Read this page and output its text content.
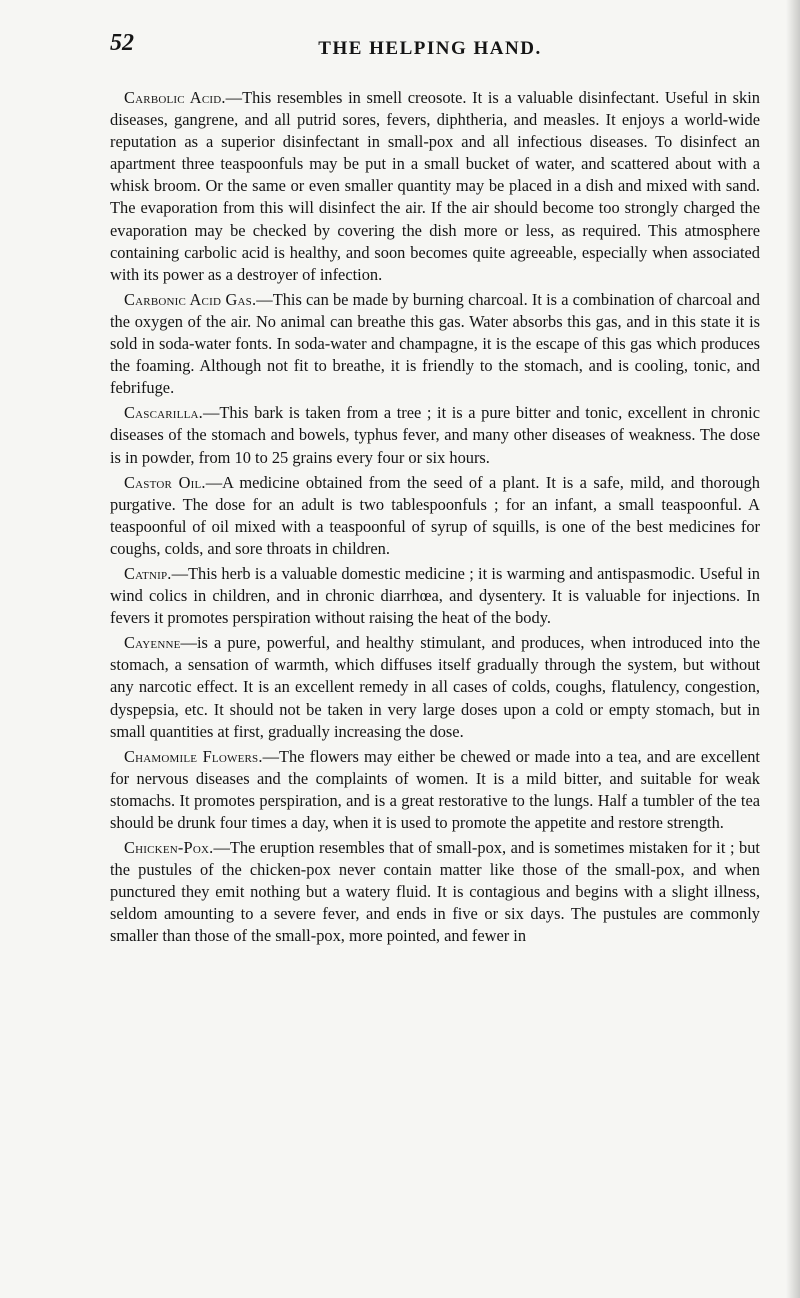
52	THE HELPING HAND.

Carbolic Acid.—This resembles in smell creosote. It is a valuable disinfectant. Useful in skin diseases, gangrene, and all putrid sores, fevers, diphtheria, and measles. It enjoys a world-wide reputation as a superior disinfectant in small-pox and all infectious diseases. To disinfect an apartment three teaspoonfuls may be put in a small bucket of water, and scattered about with a whisk broom. Or the same or even smaller quantity may be placed in a dish and mixed with sand. The evaporation from this will disinfect the air. If the air should become too strongly charged the evaporation may be checked by covering the dish more or less, as required. This atmosphere containing carbolic acid is healthy, and soon becomes quite agreeable, especially when associated with its power as a destroyer of infection.

Carbonic Acid Gas.—This can be made by burning charcoal. It is a combination of charcoal and the oxygen of the air. No animal can breathe this gas. Water absorbs this gas, and in this state it is sold in soda-water fonts. In soda-water and champagne, it is the escape of this gas which produces the foaming. Although not fit to breathe, it is friendly to the stomach, and is cooling, tonic, and febrifuge.

Cascarilla.—This bark is taken from a tree ; it is a pure bitter and tonic, excellent in chronic diseases of the stomach and bowels, typhus fever, and many other diseases of weakness. The dose is in powder, from 10 to 25 grains every four or six hours.

Castor Oil.—A medicine obtained from the seed of a plant. It is a safe, mild, and thorough purgative. The dose for an adult is two tablespoonfuls ; for an infant, a small teaspoonful. A teaspoonful of oil mixed with a teaspoonful of syrup of squills, is one of the best medicines for coughs, colds, and sore throats in children.

Catnip.—This herb is a valuable domestic medicine ; it is warming and antispasmodic. Useful in wind colics in children, and in chronic diarrhœa, and dysentery. It is valuable for injections. In fevers it promotes perspiration without raising the heat of the body.

Cayenne—is a pure, powerful, and healthy stimulant, and produces, when introduced into the stomach, a sensation of warmth, which diffuses itself gradually through the system, but without any narcotic effect. It is an excellent remedy in all cases of colds, coughs, flatulency, congestion, dyspepsia, etc. It should not be taken in very large doses upon a cold or empty stomach, but in small quantities at first, gradually increasing the dose.

Chamomile Flowers.—The flowers may either be chewed or made into a tea, and are excellent for nervous diseases and the complaints of women. It is a mild bitter, and suitable for weak stomachs. It promotes perspiration, and is a great restorative to the lungs. Half a tumbler of the tea should be drunk four times a day, when it is used to promote the appetite and restore strength.

Chicken-Pox.—The eruption resembles that of small-pox, and is sometimes mistaken for it ; but the pustules of the chicken-pox never contain matter like those of the small-pox, and when punctured they emit nothing but a watery fluid. It is contagious and begins with a slight illness, seldom amounting to a severe fever, and ends in five or six days. The pustules are commonly smaller than those of the small-pox, more pointed, and fewer in
